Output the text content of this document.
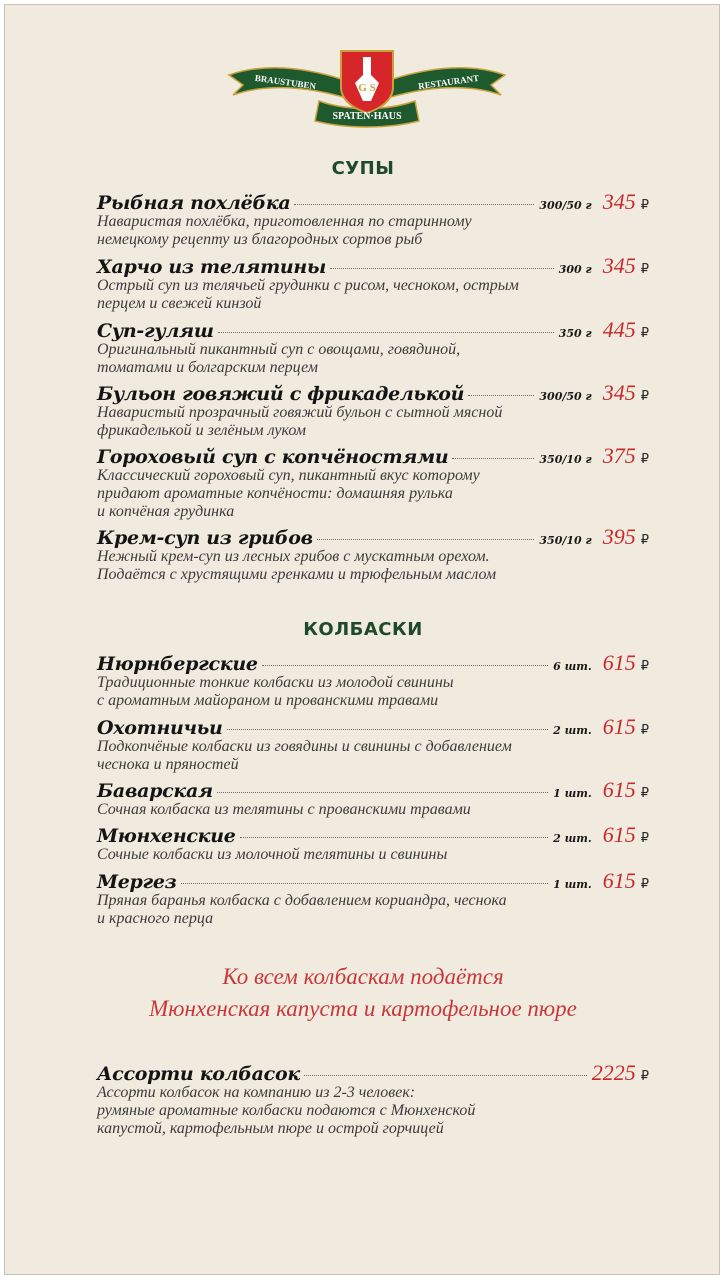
G S
BRAUSTUBEN	RESTAURANT
SPATEN·HAUS
СУПЫ
Рыбная похлёбка	300/50 г 345 ₽
Наваристая похлёбка, приготовленная по старинному
немецкому рецепту из благородных сортов рыб
Харчо из телятины	300 г 345 ₽
Острый суп из телячьей грудинки с рисом, чесноком, острым
перцем и свежей кинзой
Суп-гуляш	350 г 445 ₽
Оригинальный пикантный суп с овощами, говядиной,
томатами и болгарским перцем
Бульон говяжий с фрикаделькой	300/50 г 345 ₽
Наваристый прозрачный говяжий бульон с сытной мясной
фрикаделькой и зелёным луком
Гороховый суп с копчёностями	350/10 г 375 ₽
Классический гороховый суп, пикантный вкус которому
придают ароматные копчёности: домашняя рулька
и копчёная грудинка
Крем-суп из грибов	350/10 г 395 ₽
Нежный крем-суп из лесных грибов с мускатным орехом.
Подаётся с хрустящими гренками и трюфельным маслом
КОЛБАСКИ
Нюрнбергские	6 шт. 615 ₽
Традиционные тонкие колбаски из молодой свинины
с ароматным майораном и прованскими травами
Охотничьи	2 шт. 615 ₽
Подкопчёные колбаски из говядины и свинины с добавлением
чеснока и пряностей
Баварская	1 шт. 615 ₽
Сочная колбаска из телятины с прованскими травами
Мюнхенские	2 шт. 615 ₽
Сочные колбаски из молочной телятины и свинины
Мергез	1 шт. 615 ₽
Пряная баранья колбаска с добавлением кориандра, чеснока
и красного перца
Ко всем колбаскам подаётся
Мюнхенская капуста и картофельное пюре
Ассорти колбасок	2225 ₽
Ассорти колбасок на компанию из 2-3 человек:
румяные ароматные колбаски подаются с Мюнхенской
капустой, картофельным пюре и острой горчицей
